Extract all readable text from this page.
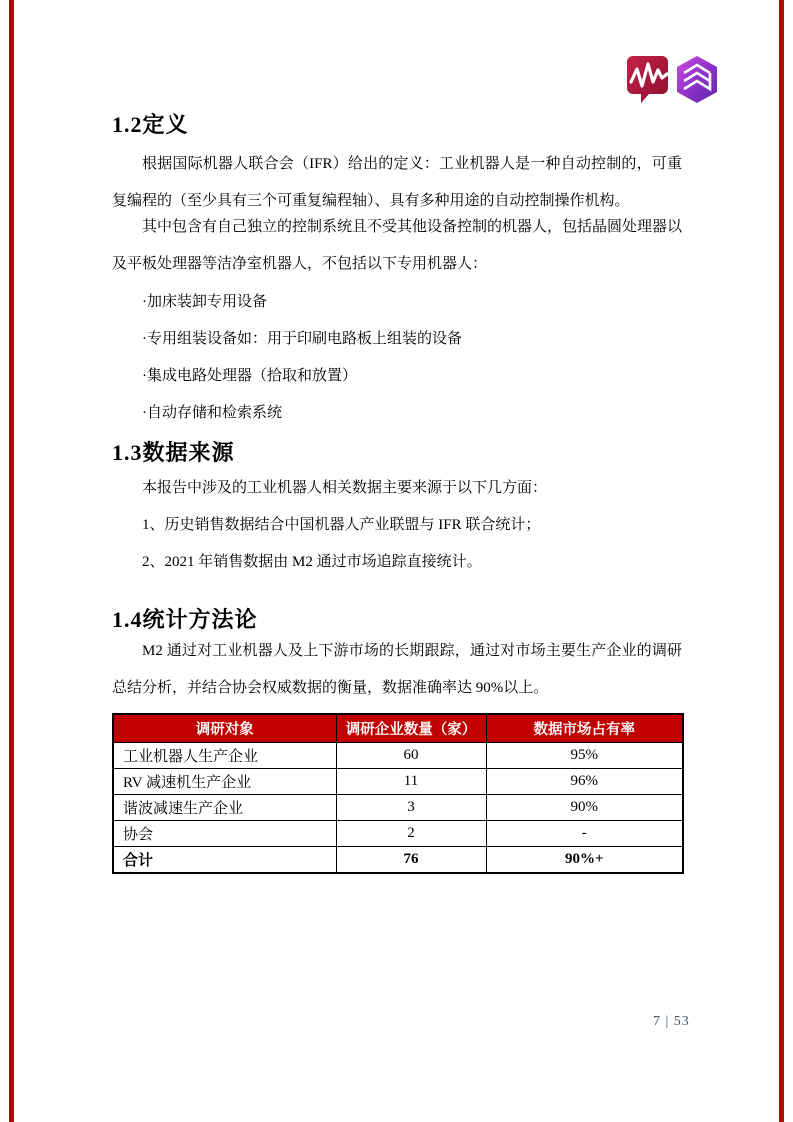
1.2定义

根据国际机器人联合会（IFR）给出的定义：工业机器人是一种自动控制的，可重复编程的（至少具有三个可重复编程轴）、具有多种用途的自动控制操作机构。

其中包含有自己独立的控制系统且不受其他设备控制的机器人，包括晶圆处理器以及平板处理器等洁净室机器人，不包括以下专用机器人：

·加床装卸专用设备

·专用组装设备如：用于印刷电路板上组装的设备

·集成电路处理器（拾取和放置）

·自动存储和检索系统

1.3数据来源

本报告中涉及的工业机器人相关数据主要来源于以下几方面：

1、历史销售数据结合中国机器人产业联盟与 IFR 联合统计；

2、2021 年销售数据由 M2 通过市场追踪直接统计。

1.4统计方法论

M2 通过对工业机器人及上下游市场的长期跟踪，通过对市场主要生产企业的调研总结分析，并结合协会权威数据的衡量，数据准确率达 90%以上。

调研对象	调研企业数量（家）	数据市场占有率
工业机器人生产企业	60	95%
RV 减速机生产企业	11	96%
谐波减速生产企业	3	90%
协会	2	-
合计	76	90%+
7 | 53
